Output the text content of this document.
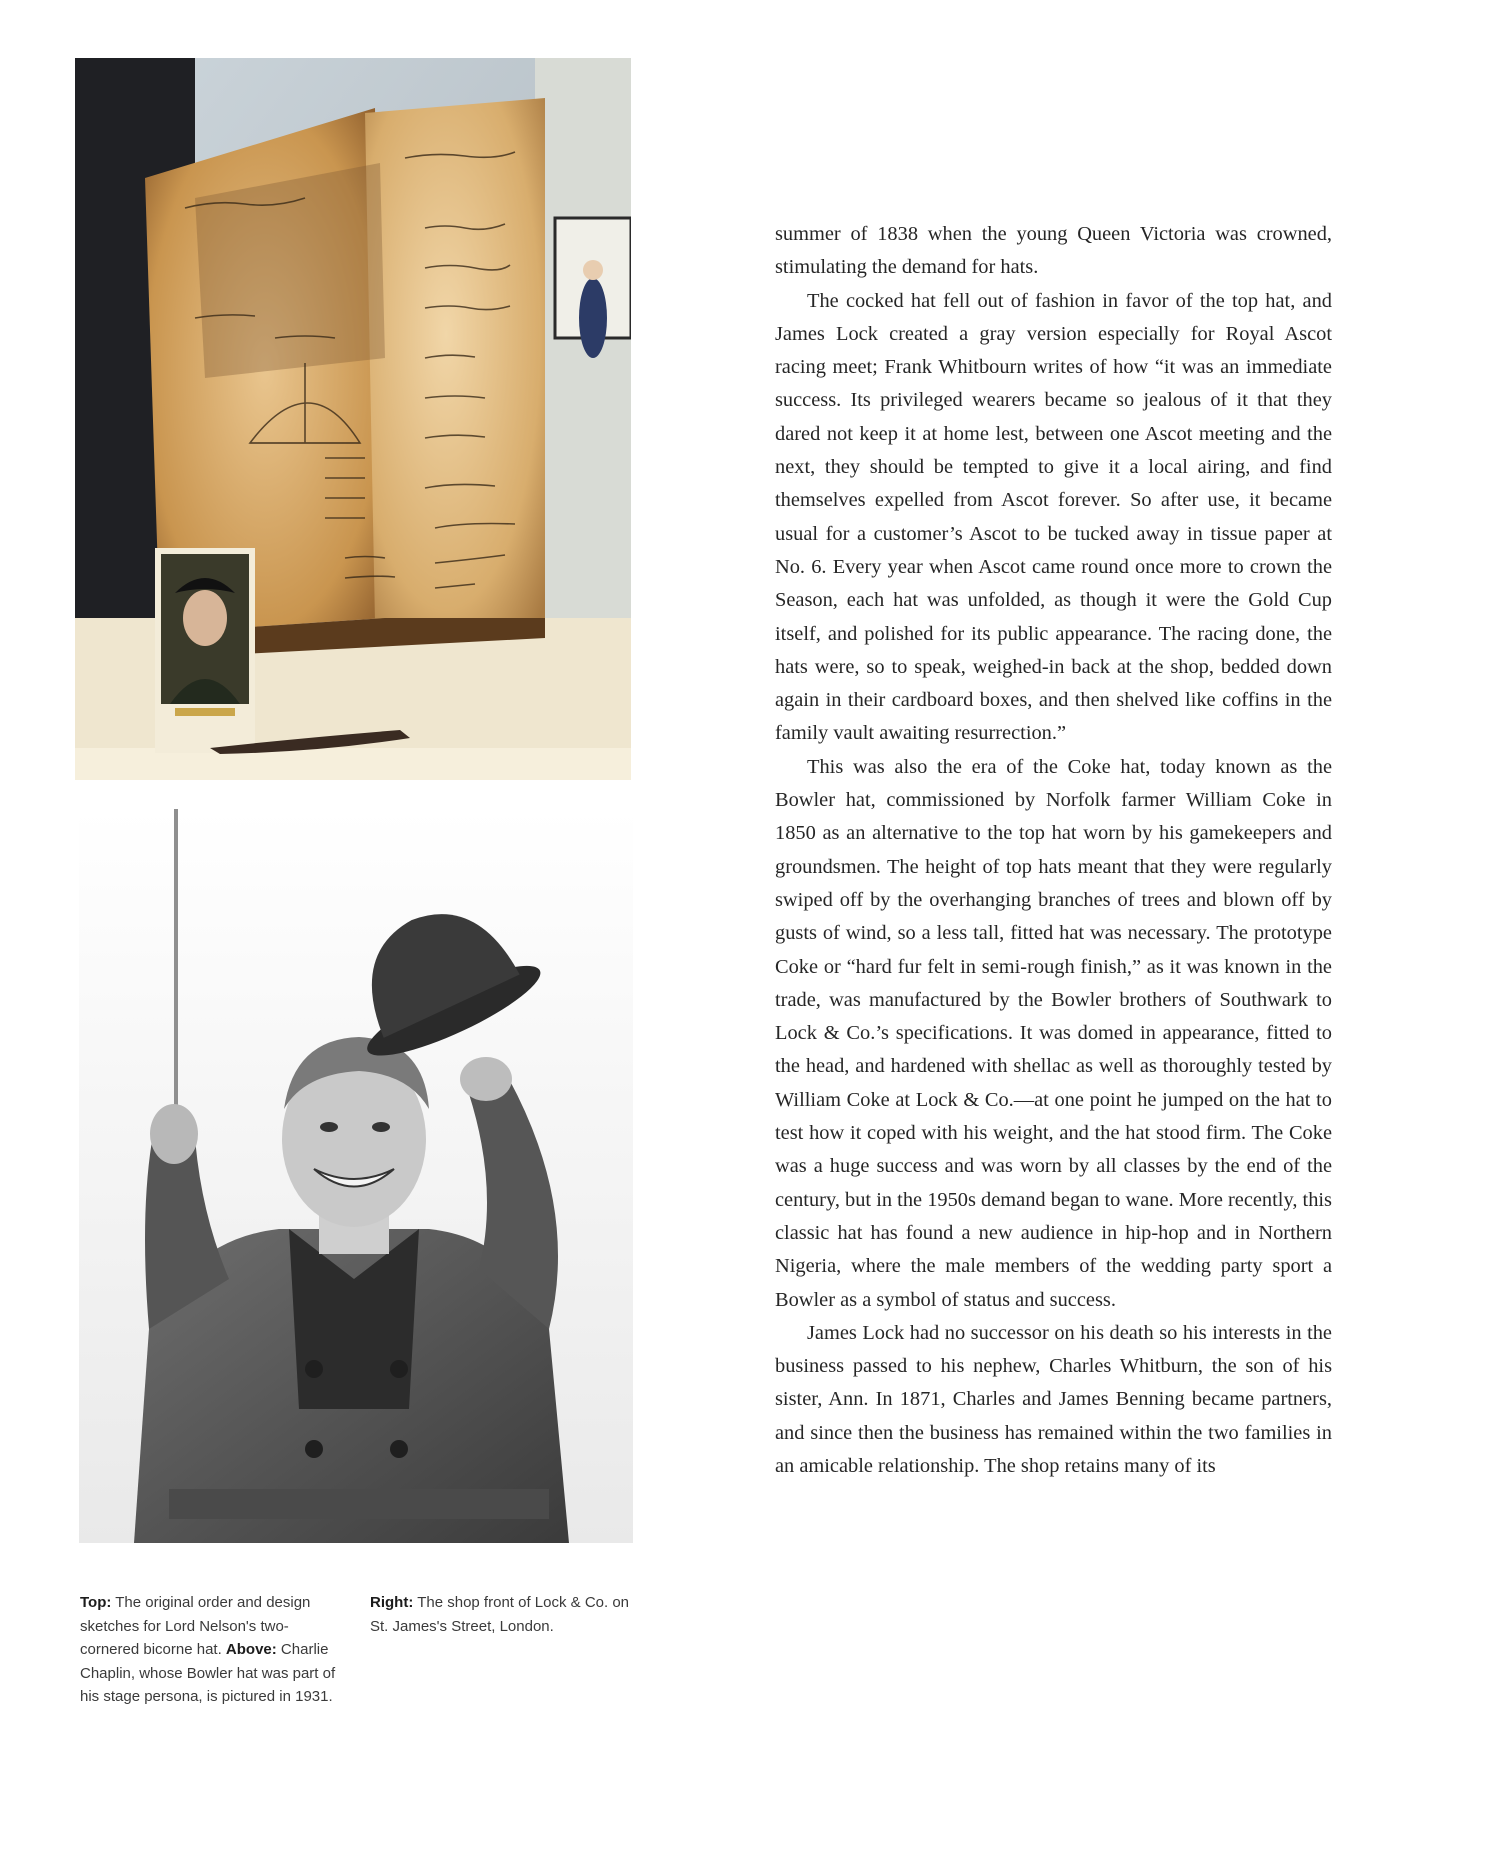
Top: The original order and design sketches for Lord Nelson's two-cornered bicorne hat. Above: Charlie Chaplin, whose Bowler hat was part of his stage persona, is pictured in 1931.

Right: The shop front of Lock & Co. on St. James's Street, London.

summer of 1838 when the young Queen Victoria was crowned, stimulating the demand for hats.

The cocked hat fell out of fashion in favor of the top hat, and James Lock created a gray version especially for Royal Ascot racing meet; Frank Whitbourn writes of how “it was an immediate success. Its privileged wearers became so jealous of it that they dared not keep it at home lest, between one Ascot meeting and the next, they should be tempted to give it a local airing, and find themselves expelled from Ascot forever. So after use, it became usual for a customer’s Ascot to be tucked away in tissue paper at No. 6. Every year when Ascot came round once more to crown the Season, each hat was unfolded, as though it were the Gold Cup itself, and polished for its public appearance. The racing done, the hats were, so to speak, weighed-in back at the shop, bedded down again in their cardboard boxes, and then shelved like coffins in the family vault awaiting resurrection.”

This was also the era of the Coke hat, today known as the Bowler hat, commissioned by Norfolk farmer William Coke in 1850 as an alternative to the top hat worn by his gamekeepers and groundsmen. The height of top hats meant that they were regularly swiped off by the overhanging branches of trees and blown off by gusts of wind, so a less tall, fitted hat was necessary. The prototype Coke or “hard fur felt in semi-rough finish,” as it was known in the trade, was manufactured by the Bowler brothers of Southwark to Lock & Co.’s specifications. It was domed in appearance, fitted to the head, and hardened with shellac as well as thoroughly tested by William Coke at Lock & Co.—at one point he jumped on the hat to test how it coped with his weight, and the hat stood firm. The Coke was a huge success and was worn by all classes by the end of the century, but in the 1950s demand began to wane. More recently, this classic hat has found a new audience in hip-hop and in Northern Nigeria, where the male members of the wedding party sport a Bowler as a symbol of status and success.

James Lock had no successor on his death so his interests in the business passed to his nephew, Charles Whitburn, the son of his sister, Ann. In 1871, Charles and James Benning became partners, and since then the business has remained within the two families in an amicable relationship. The shop retains many of its
